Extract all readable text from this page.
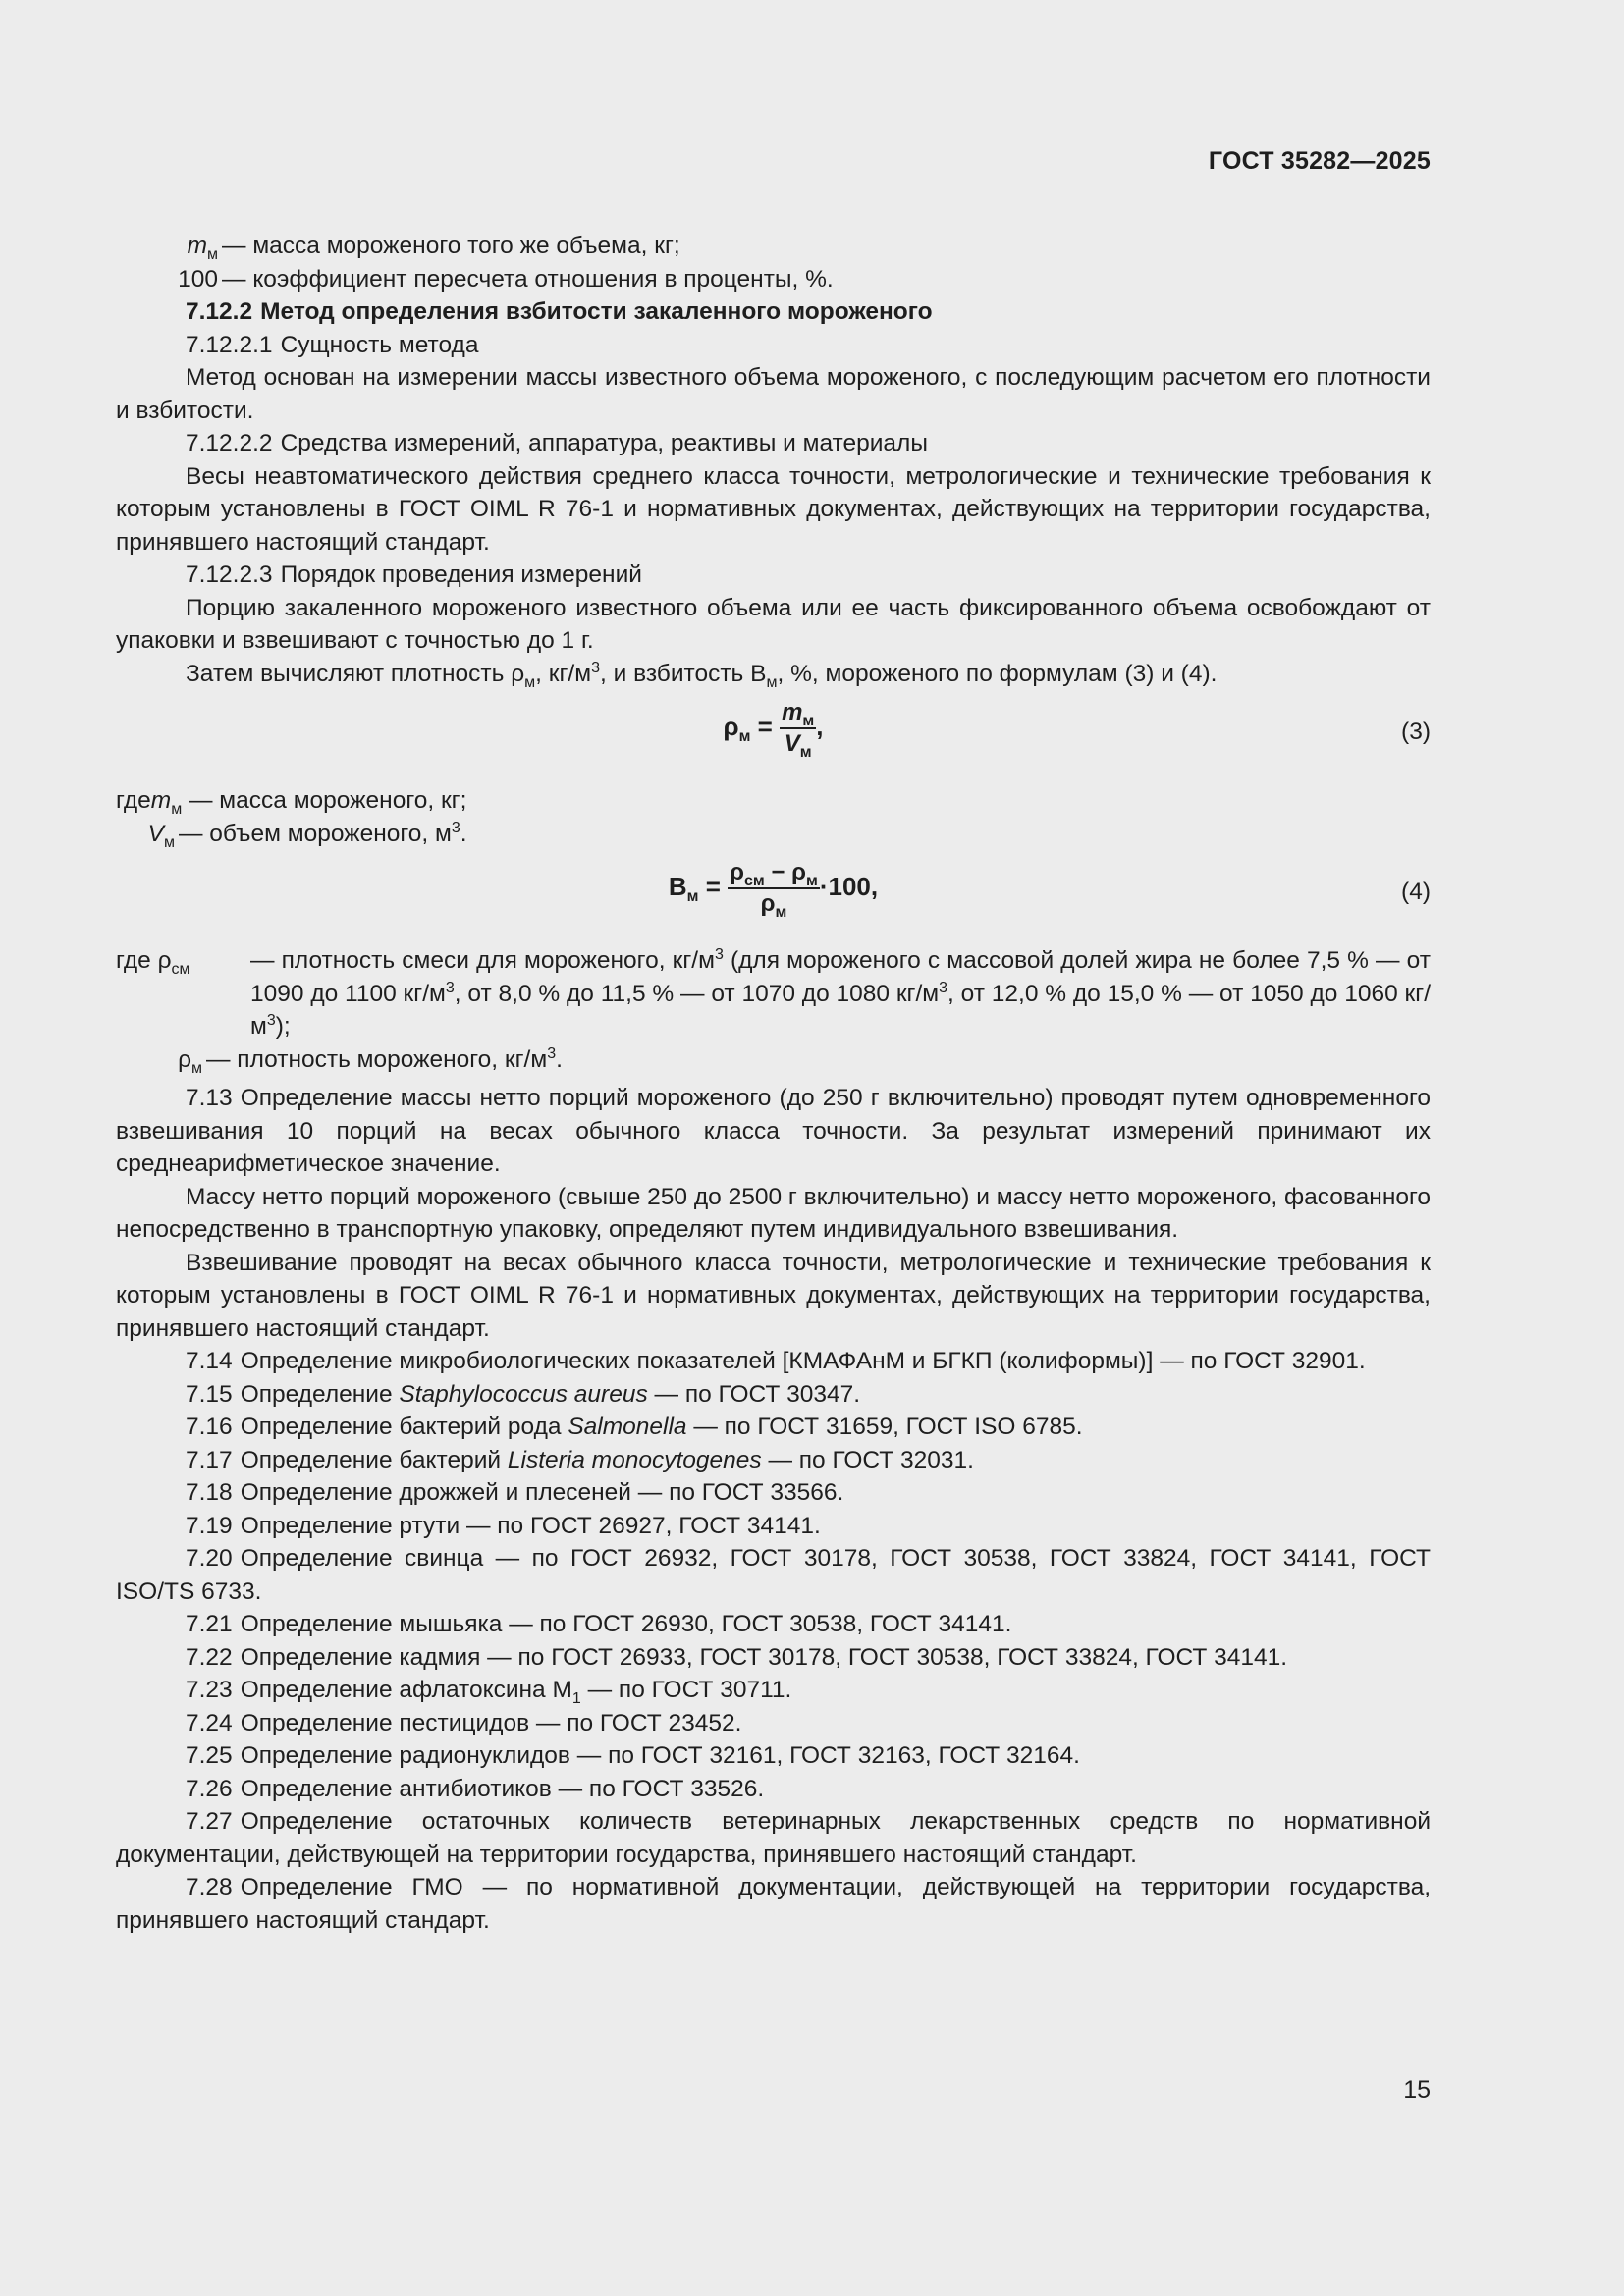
ГОСТ 35282—2025
$m_м$ — масса мороженого того же объема, кг;
100 — коэффициент пересчета отношения в проценты, %.

7.12.2 Метод определения взбитости закаленного мороженого

7.12.2.1 Сущность метода

Метод основан на измерении массы известного объема мороженого, с последующим расчетом его плотности и взбитости.

7.12.2.2 Средства измерений, аппаратура, реактивы и материалы

Весы неавтоматического действия среднего класса точности, метрологические и технические требования к которым установлены в ГОСТ OIML R 76-1 и нормативных документах, действующих на территории государства, принявшего настоящий стандарт.

7.12.2.3 Порядок проведения измерений

Порцию закаленного мороженого известного объема или ее часть фиксированного объема освобождают от упаковки и взвешивают с точностью до 1 г.

Затем вычисляют плотность $\rho_м$, $кг/м^3$, и взбитость $В_м$, %, мороженого по формулам (3) и (4).

$\rho_м = \frac{m_м}{V_м}$ ,	(3)
где $m_м$ — масса мороженого, кг;
$V_м$ — объем мороженого, $м^3$.
$В_м = \frac{\rho_{см} - \rho_м}{\rho_м} \cdot 100$,	(4)
где $\rho_{см}$	— плотность смеси для мороженого, $кг/м^3$ (для мороженого с массовой долей жира не более 7,5 % — от 1090 до 1100 $кг/м^3$, от 8,0 % до 11,5 % — от 1070 до 1080 $кг/м^3$, от 12,0 % до 15,0 % — от 1050 до 1060 $кг/м^3$);
$\rho_м$ — плотность мороженого, $кг/м^3$.

7.13 Определение массы нетто порций мороженого (до 250 г включительно) проводят путем одновременного взвешивания 10 порций на весах обычного класса точности. За результат измерений принимают их среднеарифметическое значение.

Массу нетто порций мороженого (свыше 250 до 2500 г включительно) и массу нетто мороженого, фасованного непосредственно в транспортную упаковку, определяют путем индивидуального взвешивания.

Взвешивание проводят на весах обычного класса точности, метрологические и технические требования к которым установлены в ГОСТ OIML R 76-1 и нормативных документах, действующих на территории государства, принявшего настоящий стандарт.

7.14 Определение микробиологических показателей [КМАФАнМ и БГКП (колиформы)] — по ГОСТ 32901.

7.15 Определение Staphylococcus aureus — по ГОСТ 30347.

7.16 Определение бактерий рода Salmonella — по ГОСТ 31659, ГОСТ ISO 6785.

7.17 Определение бактерий Listeria monocytogenes — по ГОСТ 32031.

7.18 Определение дрожжей и плесеней — по ГОСТ 33566.

7.19 Определение ртути — по ГОСТ 26927, ГОСТ 34141.

7.20 Определение свинца — по ГОСТ 26932, ГОСТ 30178, ГОСТ 30538, ГОСТ 33824, ГОСТ 34141, ГОСТ ISO/TS 6733.

7.21 Определение мышьяка — по ГОСТ 26930, ГОСТ 30538, ГОСТ 34141.

7.22 Определение кадмия — по ГОСТ 26933, ГОСТ 30178, ГОСТ 30538, ГОСТ 33824, ГОСТ 34141.

7.23 Определение афлатоксина $М_1$ — по ГОСТ 30711.

7.24 Определение пестицидов — по ГОСТ 23452.

7.25 Определение радионуклидов — по ГОСТ 32161, ГОСТ 32163, ГОСТ 32164.

7.26 Определение антибиотиков — по ГОСТ 33526.

7.27 Определение остаточных количеств ветеринарных лекарственных средств по нормативной документации, действующей на территории государства, принявшего настоящий стандарт.

7.28 Определение ГМО — по нормативной документации, действующей на территории государства, принявшего настоящий стандарт.

15
